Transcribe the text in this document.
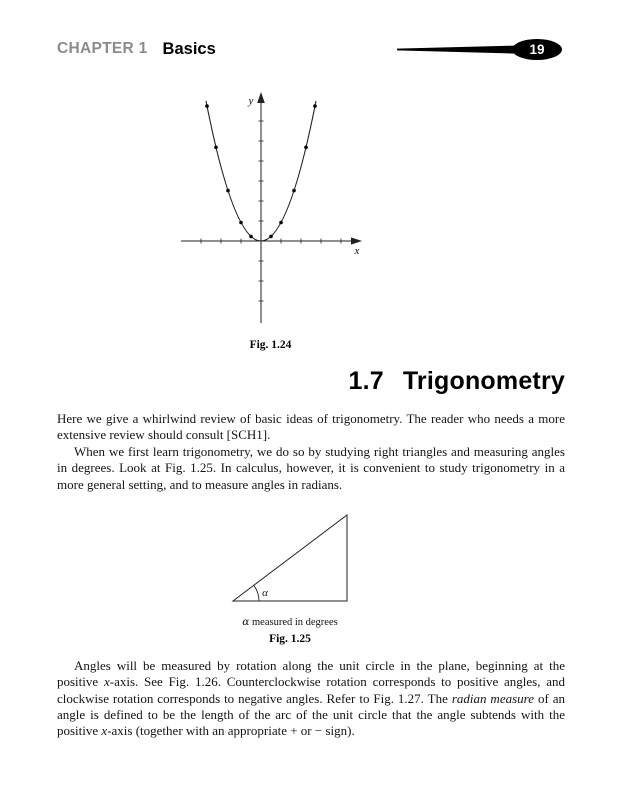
CHAPTER 1 Basics	19
y
x
Fig. 1.24
1.7 Trigonometry

Here we give a whirlwind review of basic ideas of trigonometry. The reader who needs a more extensive review should consult [SCH1].

When we first learn trigonometry, we do so by studying right triangles and measuring angles in degrees. Look at Fig. 1.25. In calculus, however, it is convenient to study trigonometry in a more general setting, and to measure angles in radians.

α
α measured in degrees
Fig. 1.25

Angles will be measured by rotation along the unit circle in the plane, beginning at the positive x-axis. See Fig. 1.26. Counterclockwise rotation corresponds to positive angles, and clockwise rotation corresponds to negative angles. Refer to Fig. 1.27. The radian measure of an angle is defined to be the length of the arc of the unit circle that the angle subtends with the positive x-axis (together with an appropriate + or − sign).
